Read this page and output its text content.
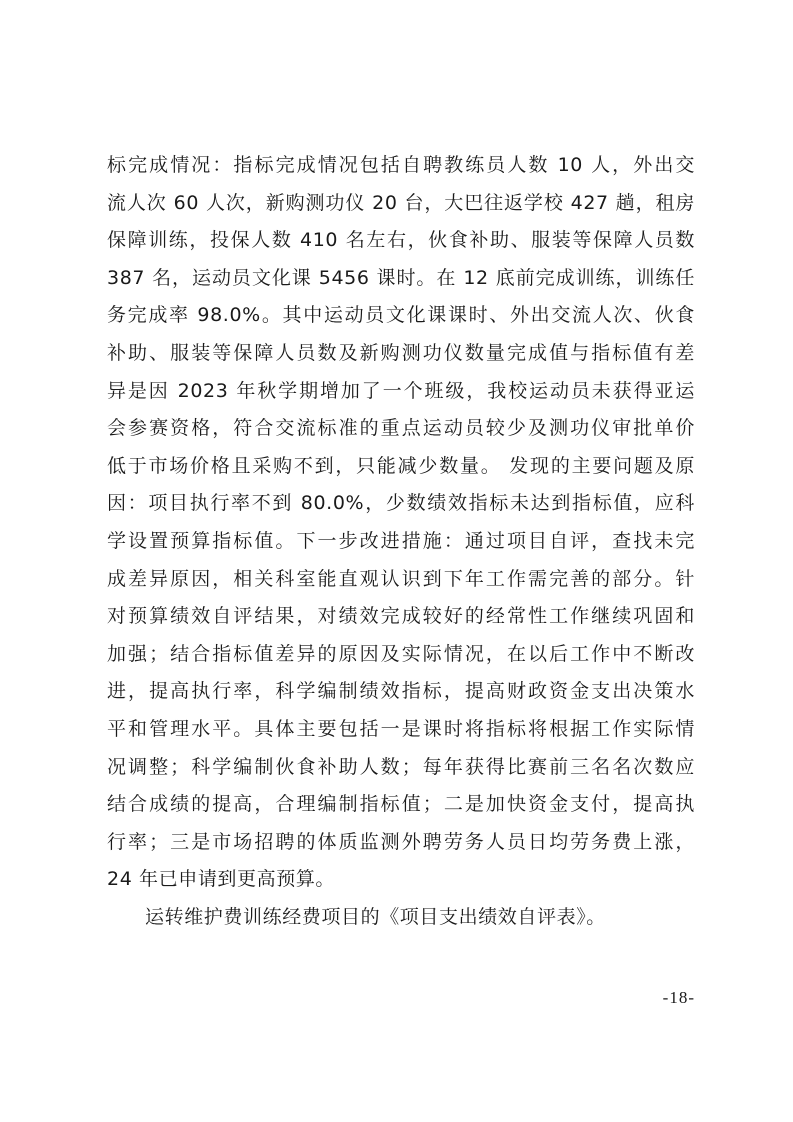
标完成情况：指标完成情况包括自聘教练员人数 10 人，外出交
流人次 60 人次，新购测功仪 20 台，大巴往返学校 427 趟，租房
保障训练，投保人数 410 名左右，伙食补助、服装等保障人员数
387 名，运动员文化课 5456 课时。在 12 底前完成训练，训练任
务完成率 98.0%。其中运动员文化课课时、外出交流人次、伙食
补助、服装等保障人员数及新购测功仪数量完成值与指标值有差
异是因 2023 年秋学期增加了一个班级，我校运动员未获得亚运
会参赛资格，符合交流标准的重点运动员较少及测功仪审批单价
低于市场价格且采购不到，只能减少数量。 发现的主要问题及原
因：项目执行率不到 80.0%，少数绩效指标未达到指标值，应科
学设置预算指标值。下一步改进措施：通过项目自评，查找未完
成差异原因，相关科室能直观认识到下年工作需完善的部分。针
对预算绩效自评结果，对绩效完成较好的经常性工作继续巩固和
加强；结合指标值差异的原因及实际情况，在以后工作中不断改
进，提高执行率，科学编制绩效指标，提高财政资金支出决策水
平和管理水平。具体主要包括一是课时将指标将根据工作实际情
况调整；科学编制伙食补助人数；每年获得比赛前三名名次数应
结合成绩的提高，合理编制指标值；二是加快资金支付，提高执
行率；三是市场招聘的体质监测外聘劳务人员日均劳务费上涨，
24 年已申请到更高预算。
运转维护费训练经费项目的《项目支出绩效自评表》。
-18-
